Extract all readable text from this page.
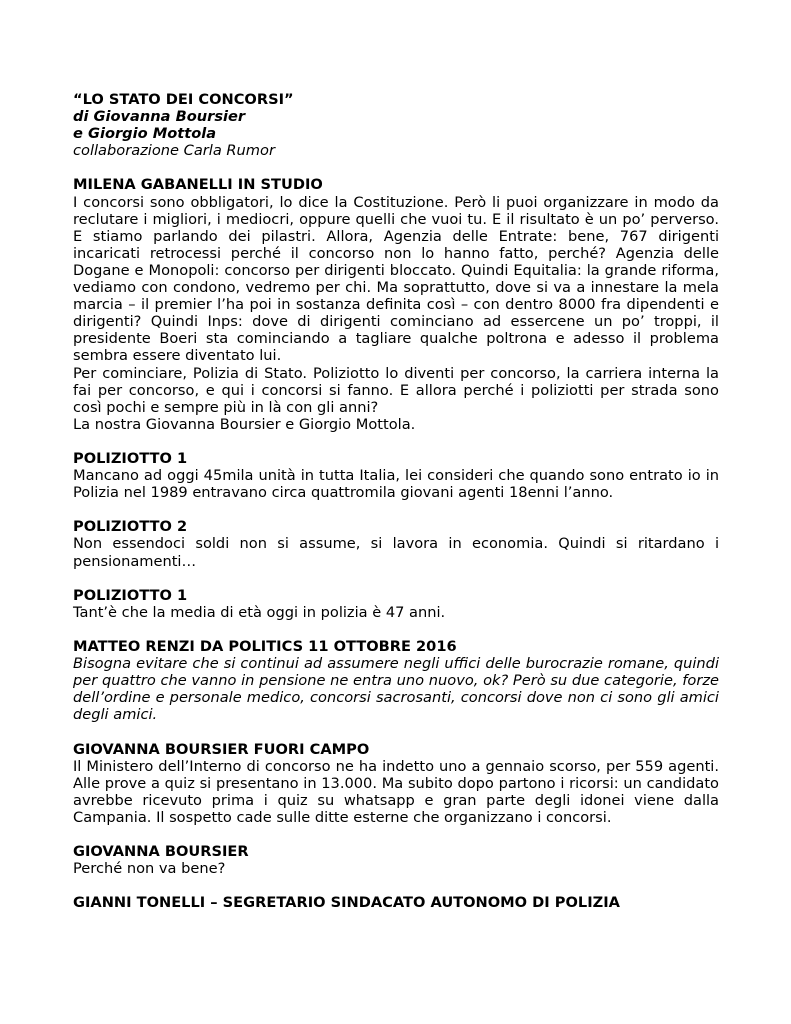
“LO STATO DEI CONCORSI”
di Giovanna Boursier
e Giorgio Mottola
collaborazione Carla Rumor
MILENA GABANELLI IN STUDIO

I concorsi sono obbligatori, lo dice la Costituzione. Però li puoi organizzare in modo da reclutare i migliori, i mediocri, oppure quelli che vuoi tu. E il risultato è un po’ perverso. E stiamo parlando dei pilastri. Allora, Agenzia delle Entrate: bene, 767 dirigenti incaricati retrocessi perché il concorso non lo hanno fatto, perché? Agenzia delle Dogane e Monopoli: concorso per dirigenti bloccato. Quindi Equitalia: la grande riforma, vediamo con condono, vedremo per chi. Ma soprattutto, dove si va a innestare la mela marcia – il premier l’ha poi in sostanza definita così – con dentro 8000 fra dipendenti e dirigenti? Quindi Inps: dove di dirigenti cominciano ad essercene un po’ troppi, il presidente Boeri sta cominciando a tagliare qualche poltrona e adesso il problema sembra essere diventato lui.

Per cominciare, Polizia di Stato. Poliziotto lo diventi per concorso, la carriera interna la fai per concorso, e qui i concorsi si fanno. E allora perché i poliziotti per strada sono così pochi e sempre più in là con gli anni?

La nostra Giovanna Boursier e Giorgio Mottola.

POLIZIOTTO 1

Mancano ad oggi 45mila unità in tutta Italia, lei consideri che quando sono entrato io in Polizia nel 1989 entravano circa quattromila giovani agenti 18enni l’anno.

POLIZIOTTO 2

Non essendoci soldi non si assume, si lavora in economia. Quindi si ritardano i pensionamenti…

POLIZIOTTO 1

Tant’è che la media di età oggi in polizia è 47 anni.

MATTEO RENZI DA POLITICS 11 OTTOBRE 2016

Bisogna evitare che si continui ad assumere negli uffici delle burocrazie romane, quindi per quattro che vanno in pensione ne entra uno nuovo, ok? Però su due categorie, forze dell’ordine e personale medico, concorsi sacrosanti, concorsi dove non ci sono gli amici degli amici.

GIOVANNA BOURSIER FUORI CAMPO

Il Ministero dell’Interno di concorso ne ha indetto uno a gennaio scorso, per 559 agenti. Alle prove a quiz si presentano in 13.000. Ma subito dopo partono i ricorsi: un candidato avrebbe ricevuto prima i quiz su whatsapp e gran parte degli idonei viene dalla Campania. Il sospetto cade sulle ditte esterne che organizzano i concorsi.

GIOVANNA BOURSIER

Perché non va bene?

GIANNI TONELLI – SEGRETARIO SINDACATO AUTONOMO DI POLIZIA
